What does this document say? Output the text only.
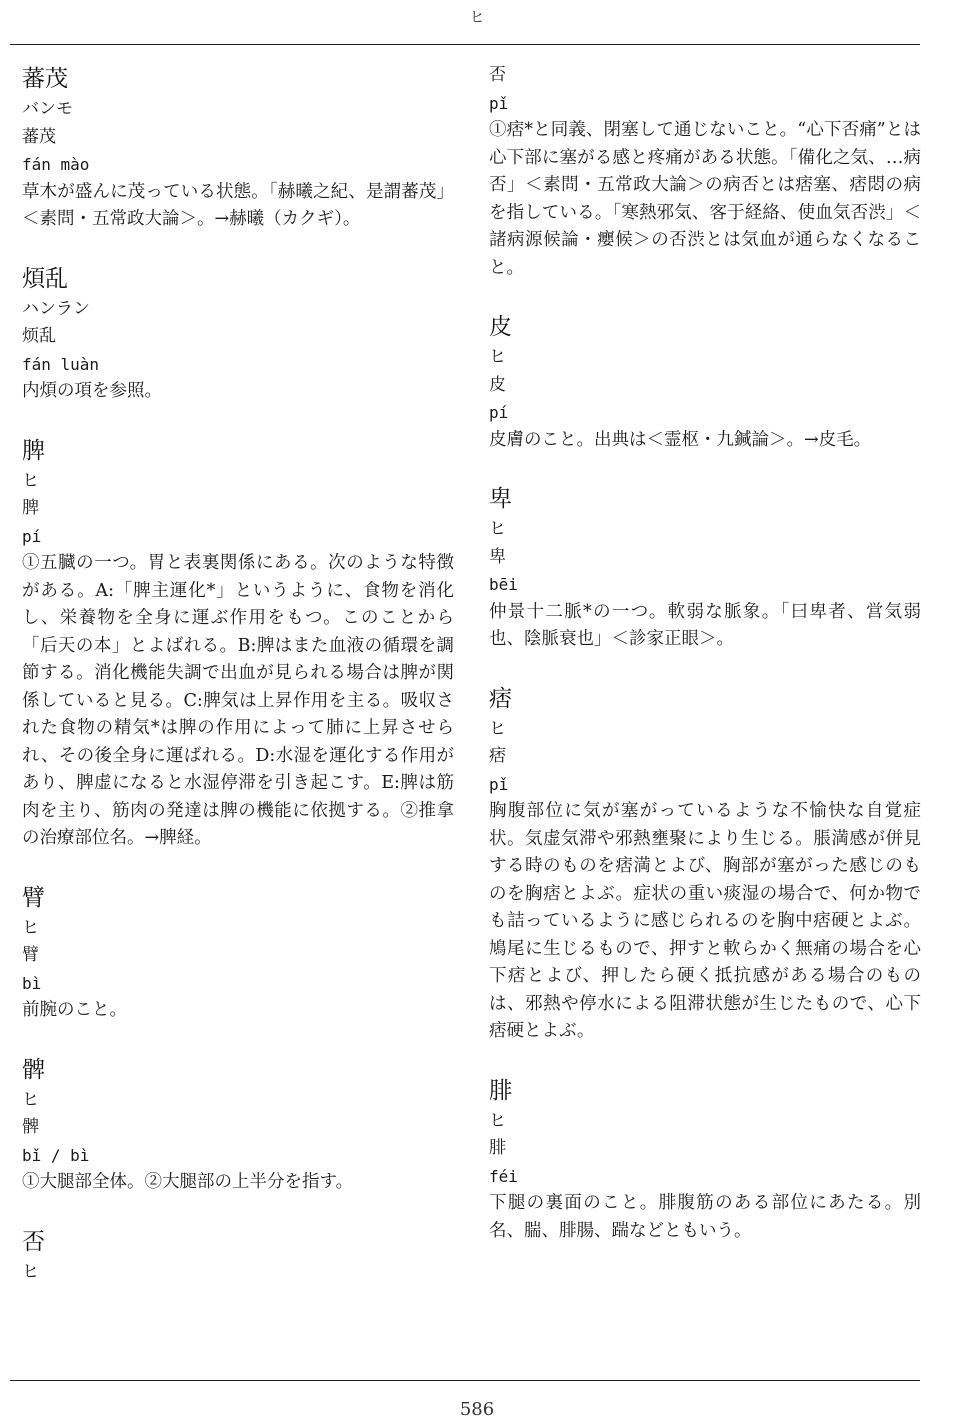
ヒ
蕃茂

バンモ

蕃茂

fán mào

草木が盛んに茂っている状態。「赫曦之紀、是謂蕃茂」＜素問・五常政大論＞。→赫曦（カクギ）。

煩乱

ハンラン

烦乱

fán luàn

内煩の項を参照。

脾

ヒ

脾

pí

①五臓の一つ。胃と表裏関係にある。次のような特徴がある。A:「脾主運化*」というように、食物を消化し、栄養物を全身に運ぶ作用をもつ。このことから「后天の本」とよばれる。B:脾はまた血液の循環を調節する。消化機能失調で出血が見られる場合は脾が関係していると見る。C:脾気は上昇作用を主る。吸収された食物の精気*は脾の作用によって肺に上昇させられ、その後全身に運ばれる。D:水湿を運化する作用があり、脾虚になると水湿停滞を引き起こす。E:脾は筋肉を主り、筋肉の発達は脾の機能に依拠する。②推拿の治療部位名。→脾経。

臂

ヒ

臂

bì

前腕のこと。

髀

ヒ

髀

bǐ / bì

①大腿部全体。②大腿部の上半分を指す。

否

ヒ

否

pǐ

①痞*と同義、閉塞して通じないこと。“心下否痛”とは心下部に塞がる感と疼痛がある状態。「備化之気、…病否」＜素問・五常政大論＞の病否とは痞塞、痞悶の病を指している。「寒熱邪気、客于経絡、使血気否渋」＜諸病源候論・癭候＞の否渋とは気血が通らなくなること。

皮

ヒ

皮

pí

皮膚のこと。出典は＜霊枢・九鍼論＞。→皮毛。

卑

ヒ

卑

bēi

仲景十二脈*の一つ。軟弱な脈象。「曰卑者、営気弱也、陰脈衰也」＜診家正眼＞。

痞

ヒ

痞

pǐ

胸腹部位に気が塞がっているような不愉快な自覚症状。気虚気滞や邪熱壅聚により生じる。脹満感が併見する時のものを痞満とよび、胸部が塞がった感じのものを胸痞とよぶ。症状の重い痰湿の場合で、何か物でも詰っているように感じられるのを胸中痞硬とよぶ。鳩尾に生じるもので、押すと軟らかく無痛の場合を心下痞とよび、押したら硬く抵抗感がある場合のものは、邪熱や停水による阻滞状態が生じたもので、心下痞硬とよぶ。

腓

ヒ

腓

féi

下腿の裏面のこと。腓腹筋のある部位にあたる。別名、腨、腓腸、踹などともいう。

586
